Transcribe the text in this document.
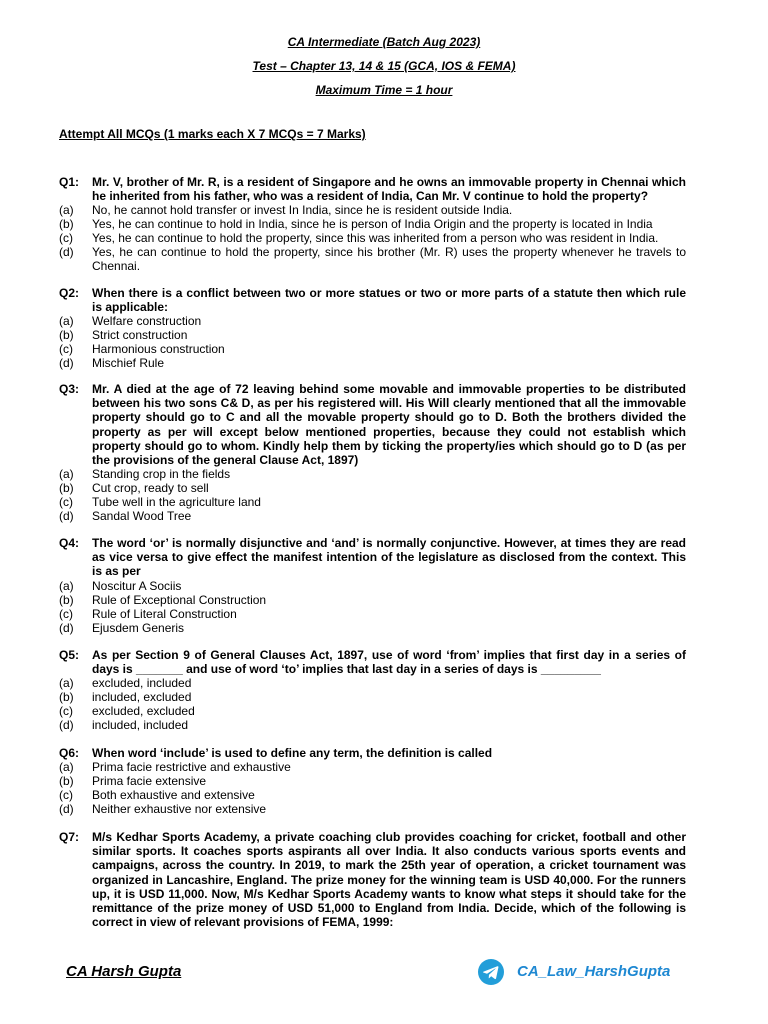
CA Intermediate (Batch Aug 2023)
Test – Chapter 13, 14 & 15 (GCA, IOS & FEMA)
Maximum Time = 1 hour
Attempt All MCQs (1 marks each X 7 MCQs = 7 Marks)
Q1: Mr. V, brother of Mr. R, is a resident of Singapore and he owns an immovable property in Chennai which he inherited from his father, who was a resident of India, Can Mr. V continue to hold the property?
(a) No, he cannot hold transfer or invest In India, since he is resident outside India.
(b) Yes, he can continue to hold in India, since he is person of India Origin and the property is located in India
(c) Yes, he can continue to hold the property, since this was inherited from a person who was resident in India.
(d) Yes, he can continue to hold the property, since his brother (Mr. R) uses the property whenever he travels to Chennai.
Q2: When there is a conflict between two or more statues or two or more parts of a statute then which rule is applicable:
(a) Welfare construction
(b) Strict construction
(c) Harmonious construction
(d) Mischief Rule
Q3: Mr. A died at the age of 72 leaving behind some movable and immovable properties to be distributed between his two sons C& D, as per his registered will. His Will clearly mentioned that all the immovable property should go to C and all the movable property should go to D. Both the brothers divided the property as per will except below mentioned properties, because they could not establish which property should go to whom. Kindly help them by ticking the property/ies which should go to D (as per the provisions of the general Clause Act, 1897)
(a) Standing crop in the fields
(b) Cut crop, ready to sell
(c) Tube well in the agriculture land
(d) Sandal Wood Tree
Q4: The word ‘or’ is normally disjunctive and ‘and’ is normally conjunctive. However, at times they are read as vice versa to give effect the manifest intention of the legislature as disclosed from the context. This is as per
(a) Noscitur A Sociis
(b) Rule of Exceptional Construction
(c) Rule of Literal Construction
(d) Ejusdem Generis
Q5: As per Section 9 of General Clauses Act, 1897, use of word ‘from’ implies that first day in a series of days is _______ and use of word ‘to’ implies that last day in a series of days is _________
(a) excluded, included
(b) included, excluded
(c) excluded, excluded
(d) included, included
Q6: When word ‘include’ is used to define any term, the definition is called
(a) Prima facie restrictive and exhaustive
(b) Prima facie extensive
(c) Both exhaustive and extensive
(d) Neither exhaustive nor extensive
Q7: M/s Kedhar Sports Academy, a private coaching club provides coaching for cricket, football and other similar sports. It coaches sports aspirants all over India. It also conducts various sports events and campaigns, across the country. In 2019, to mark the 25th year of operation, a cricket tournament was organized in Lancashire, England. The prize money for the winning team is USD 40,000. For the runners up, it is USD 11,000. Now, M/s Kedhar Sports Academy wants to know what steps it should take for the remittance of the prize money of USD 51,000 to England from India. Decide, which of the following is correct in view of relevant provisions of FEMA, 1999:
CA Harsh Gupta	CA_Law_HarshGupta
